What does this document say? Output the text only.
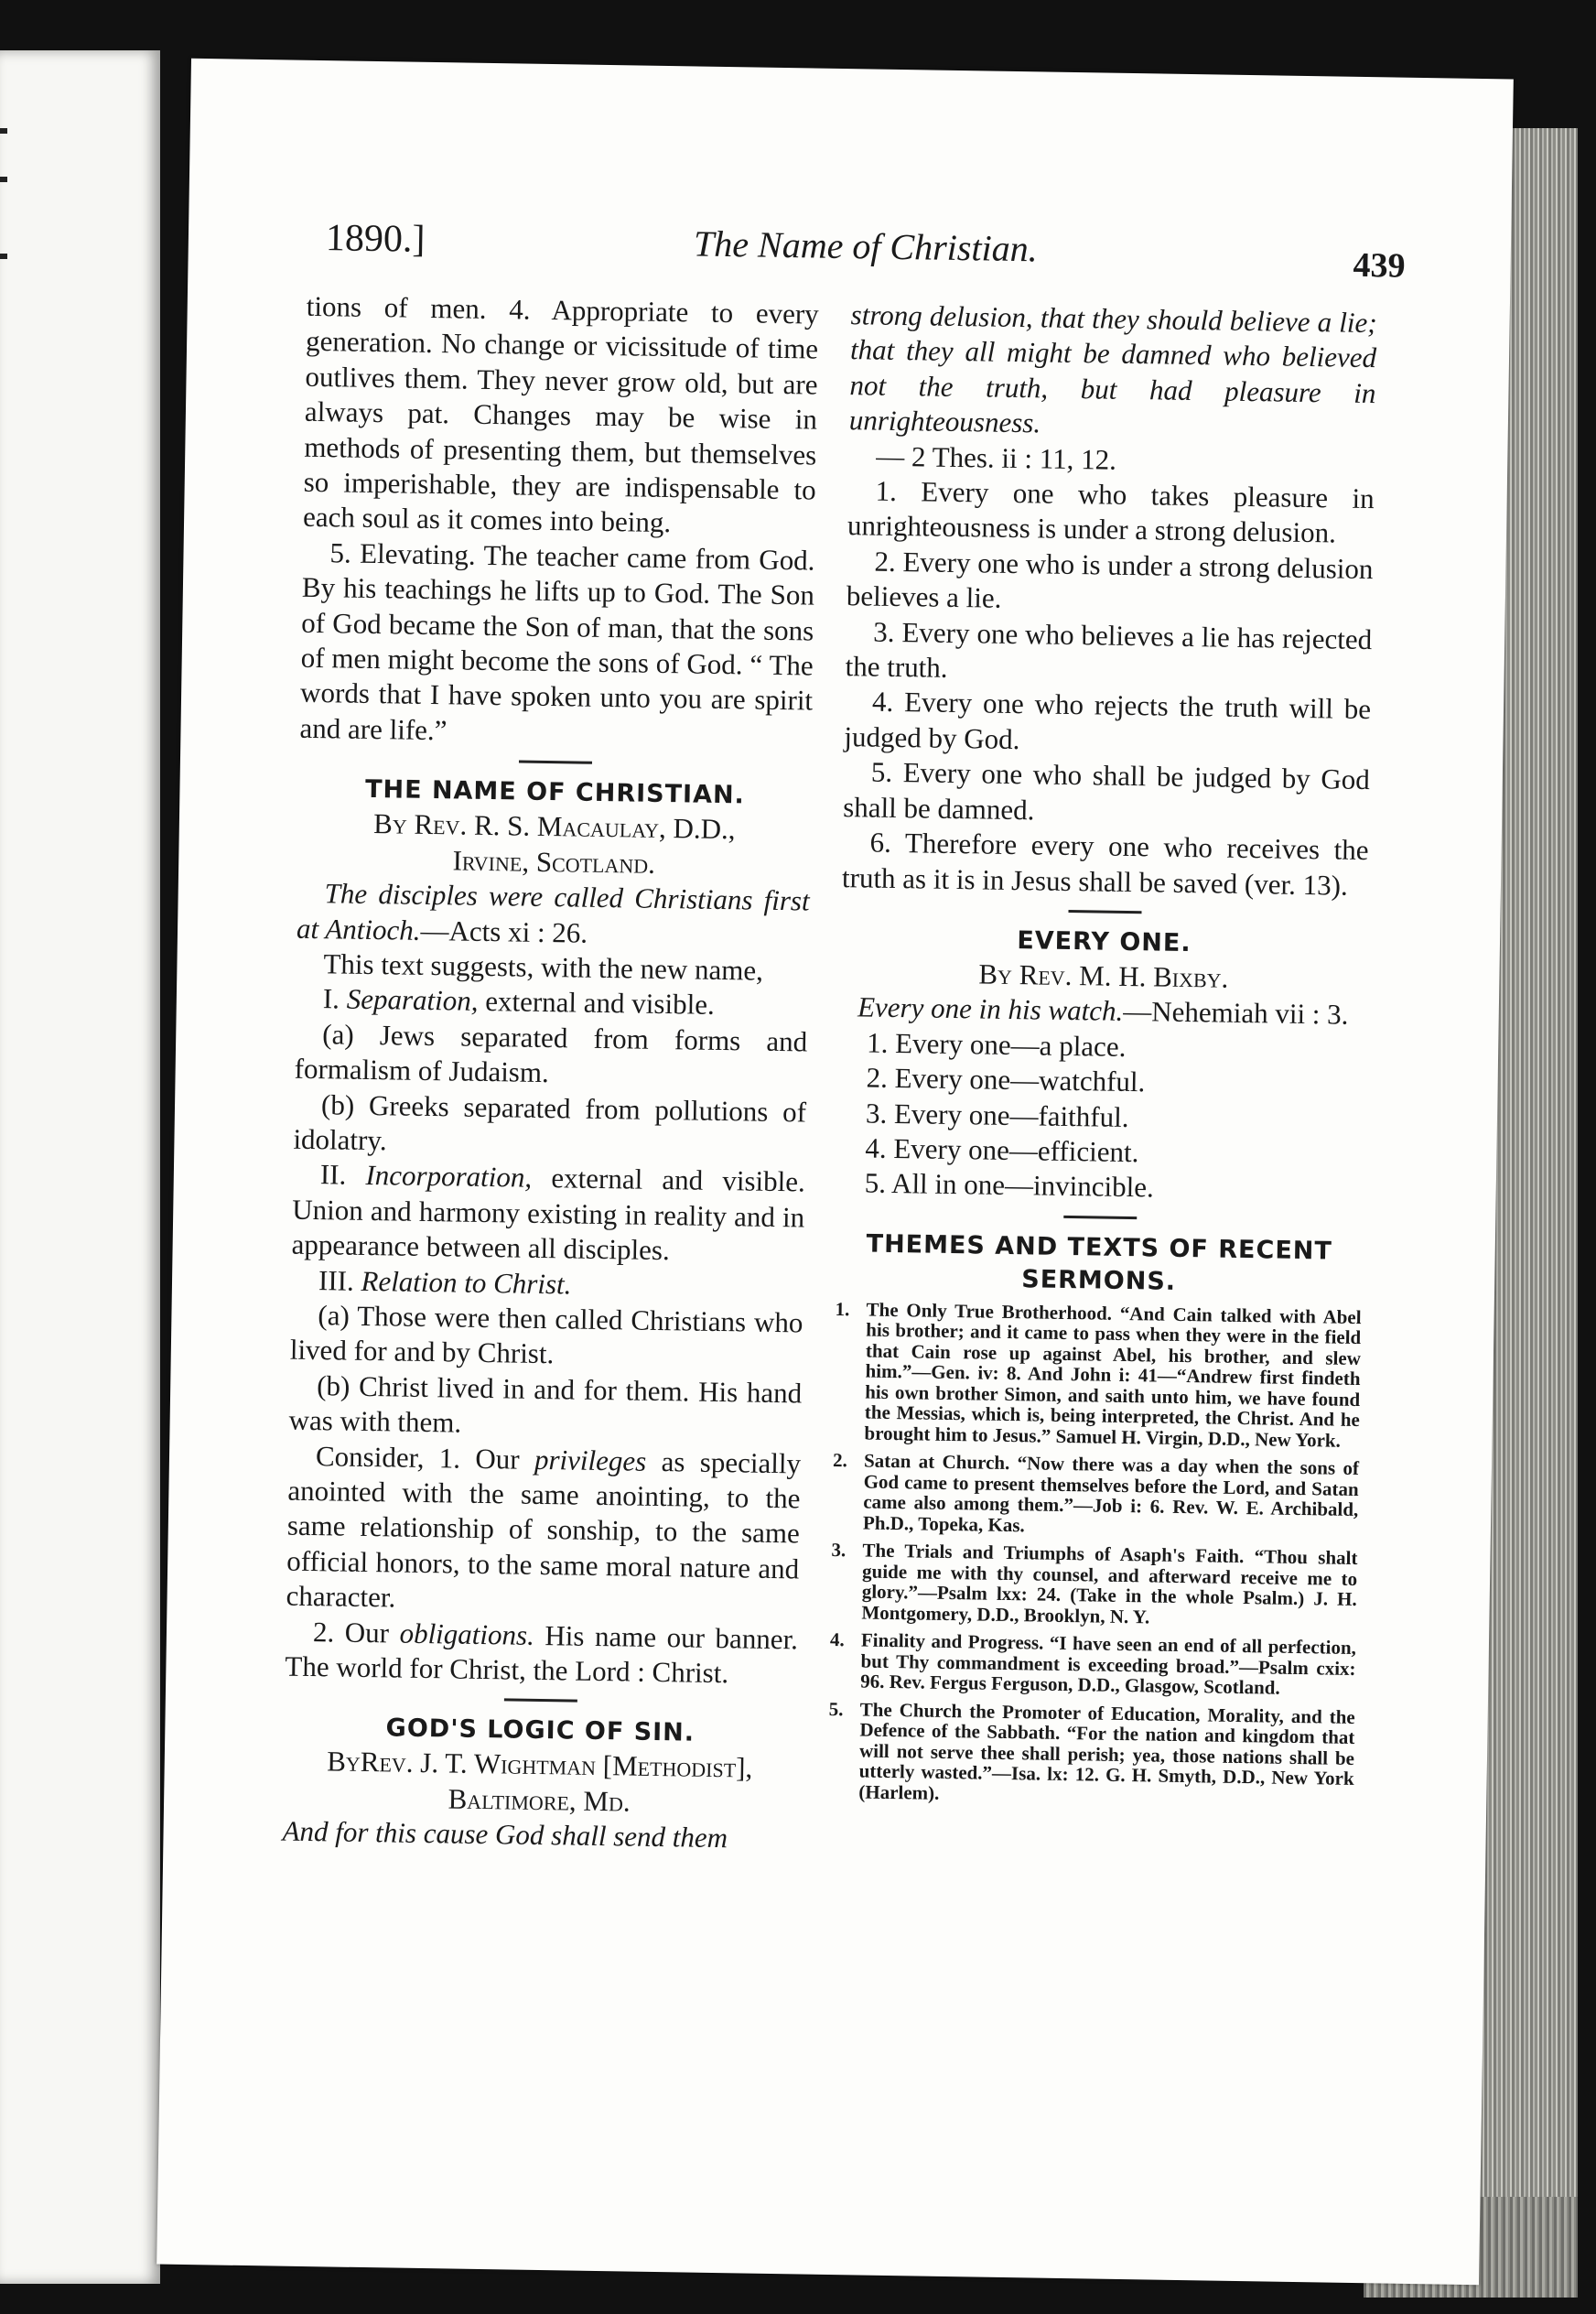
1890.]	The Name of Christian.	439

tions of men. 4. Appropriate to every generation. No change or vicissitude of time outlives them. They never grow old, but are always pat. Changes may be wise in methods of presenting them, but themselves so imperishable, they are indispensable to each soul as it comes into being.

5. Elevating. The teacher came from God. By his teachings he lifts up to God. The Son of God became the Son of man, that the sons of men might become the sons of God. “ The words that I have spoken unto you are spirit and are life.”

THE NAME OF CHRISTIAN.

By Rev. R. S. Macaulay, D.D.,

Irvine, Scotland.

The disciples were called Christians first at Antioch.—Acts xi : 26.

This text suggests, with the new name,

I. Separation, external and visible.

(a) Jews separated from forms and formalism of Judaism.

(b) Greeks separated from pollutions of idolatry.

II. Incorporation, external and visible. Union and harmony existing in reality and in appearance between all disciples.

III. Relation to Christ.

(a) Those were then called Christians who lived for and by Christ.

(b) Christ lived in and for them. His hand was with them.

Consider, 1. Our privileges as specially anointed with the same anointing, to the same relationship of sonship, to the same official honors, to the same moral nature and character.

2. Our obligations. His name our banner. The world for Christ, the Lord : Christ.

GOD'S LOGIC OF SIN.

ByRev. J. T. Wightman [Methodist],

Baltimore, Md.

And for this cause God shall send them

strong delusion, that they should believe a lie; that they all might be damned who believed not the truth, but had pleasure in unrighteousness.

— 2 Thes. ii : 11, 12.

1. Every one who takes pleasure in unrighteousness is under a strong delusion.

2. Every one who is under a strong delusion believes a lie.

3. Every one who believes a lie has rejected the truth.

4. Every one who rejects the truth will be judged by God.

5. Every one who shall be judged by God shall be damned.

6. Therefore every one who receives the truth as it is in Jesus shall be saved (ver. 13).

EVERY ONE.

By Rev. M. H. Bixby.

Every one in his watch.—Nehemiah vii : 3.

1. Every one—a place.

2. Every one—watchful.

3. Every one—faithful.

4. Every one—efficient.

5. All in one—invincible.

THEMES AND TEXTS OF RECENT SERMONS.
1. The Only True Brotherhood. “And Cain talked with Abel his brother; and it came to pass when they were in the field that Cain rose up against Abel, his brother, and slew him.”—Gen. iv: 8. And John i: 41—“Andrew first findeth his own brother Simon, and saith unto him, we have found the Messias, which is, being interpreted, the Christ. And he brought him to Jesus.” Samuel H. Virgin, D.D., New York.
2. Satan at Church. “Now there was a day when the sons of God came to present themselves before the Lord, and Satan came also among them.”—Job i: 6. Rev. W. E. Archibald, Ph.D., Topeka, Kas.
3. The Trials and Triumphs of Asaph's Faith. “Thou shalt guide me with thy counsel, and afterward receive me to glory.”—Psalm lxx: 24. (Take in the whole Psalm.) J. H. Montgomery, D.D., Brooklyn, N. Y.
4. Finality and Progress. “I have seen an end of all perfection, but Thy commandment is exceeding broad.”—Psalm cxix: 96. Rev. Fergus Ferguson, D.D., Glasgow, Scotland.
5. The Church the Promoter of Education, Morality, and the Defence of the Sabbath. “For the nation and kingdom that will not serve thee shall perish; yea, those nations shall be utterly wasted.”—Isa. lx: 12. G. H. Smyth, D.D., New York (Harlem).
